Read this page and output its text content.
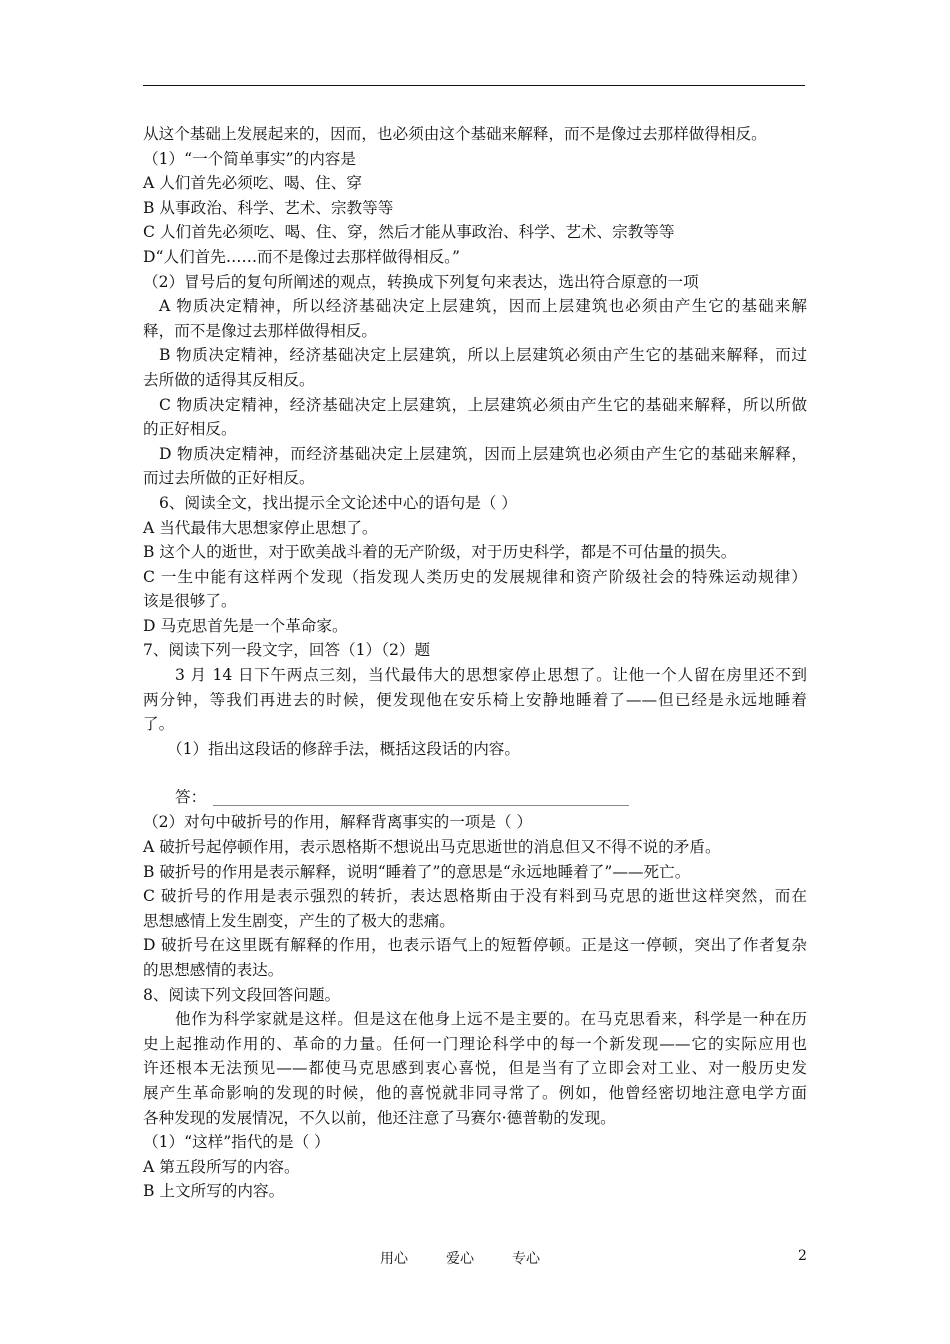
从这个基础上发展起来的，因而，也必须由这个基础来解释，而不是像过去那样做得相反。
（1）“一个简单事实”的内容是
A 人们首先必须吃、喝、住、穿
B 从事政治、科学、艺术、宗教等等
C 人们首先必须吃、喝、住、穿，然后才能从事政治、科学、艺术、宗教等等
D“人们首先……而不是像过去那样做得相反。”
（2）冒号后的复句所阐述的观点，转换成下列复句来表达，选出符合原意的一项
A 物质决定精神，所以经济基础决定上层建筑，因而上层建筑也必须由产生它的基础来解
释，而不是像过去那样做得相反。
B 物质决定精神，经济基础决定上层建筑，所以上层建筑必须由产生它的基础来解释，而过
去所做的适得其反相反。
C 物质决定精神，经济基础决定上层建筑，上层建筑必须由产生它的基础来解释，所以所做
的正好相反。
D 物质决定精神，而经济基础决定上层建筑，因而上层建筑也必须由产生它的基础来解释，
而过去所做的正好相反。
6、阅读全文，找出提示全文论述中心的语句是（ ）
A 当代最伟大思想家停止思想了。
B 这个人的逝世，对于欧美战斗着的无产阶级，对于历史科学，都是不可估量的损失。
C 一生中能有这样两个发现（指发现人类历史的发展规律和资产阶级社会的特殊运动规律）
该是很够了。
D 马克思首先是一个革命家。
7、阅读下列一段文字，回答（1）（2）题
3 月 14 日下午两点三刻，当代最伟大的思想家停止思想了。让他一个人留在房里还不到
两分钟，等我们再进去的时候，便发现他在安乐椅上安静地睡着了——但已经是永远地睡着
了。
（1）指出这段话的修辞手法，概括这段话的内容。
答：
（2）对句中破折号的作用，解释背离事实的一项是（ ）
A 破折号起停顿作用，表示恩格斯不想说出马克思逝世的消息但又不得不说的矛盾。
B 破折号的作用是表示解释，说明“睡着了”的意思是“永远地睡着了”——死亡。
C 破折号的作用是表示强烈的转折，表达恩格斯由于没有料到马克思的逝世这样突然，而在
思想感情上发生剧变，产生的了极大的悲痛。
D 破折号在这里既有解释的作用，也表示语气上的短暂停顿。正是这一停顿，突出了作者复杂
的思想感情的表达。
8、阅读下列文段回答问题。
他作为科学家就是这样。但是这在他身上远不是主要的。在马克思看来，科学是一种在历
史上起推动作用的、革命的力量。任何一门理论科学中的每一个新发现——它的实际应用也
许还根本无法预见——都使马克思感到衷心喜悦，但是当有了立即会对工业、对一般历史发
展产生革命影响的发现的时候，他的喜悦就非同寻常了。例如，他曾经密切地注意电学方面
各种发现的发展情况，不久以前，他还注意了马赛尔·德普勒的发现。
（1）“这样”指代的是（ ）
A 第五段所写的内容。
B 上文所写的内容。
用心	爱心	专心	2
